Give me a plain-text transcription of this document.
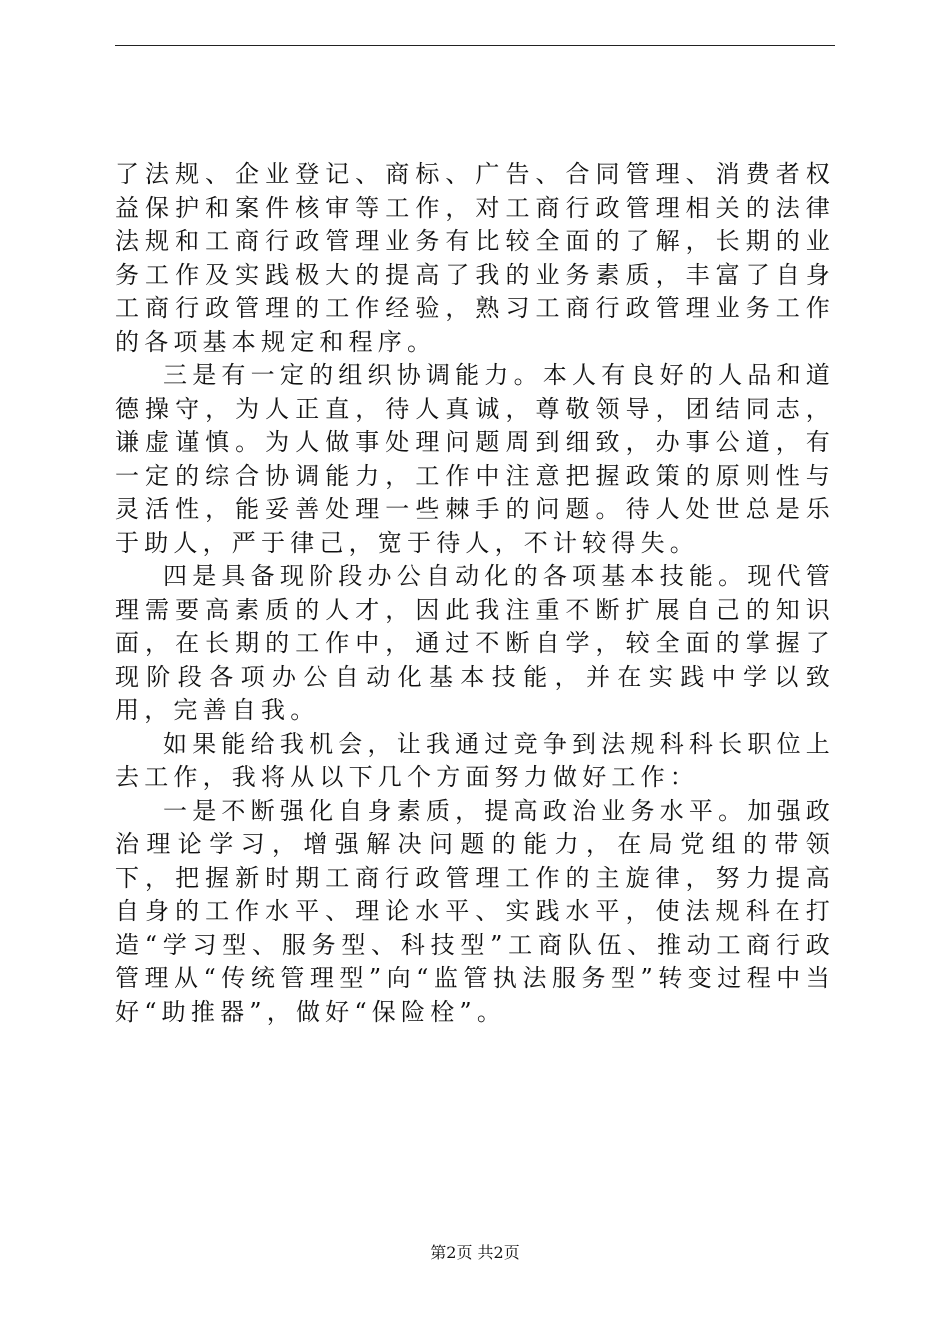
了法规、企业登记、商标、广告、合同管理、消费者权益保护和案件核审等工作，对工商行政管理相关的法律法规和工商行政管理业务有比较全面的了解，长期的业务工作及实践极大的提高了我的业务素质，丰富了自身工商行政管理的工作经验，熟习工商行政管理业务工作的各项基本规定和程序。

三是有一定的组织协调能力。本人有良好的人品和道德操守，为人正直，待人真诚，尊敬领导，团结同志，谦虚谨慎。为人做事处理问题周到细致，办事公道，有一定的综合协调能力，工作中注意把握政策的原则性与灵活性，能妥善处理一些棘手的问题。待人处世总是乐于助人，严于律己，宽于待人，不计较得失。

四是具备现阶段办公自动化的各项基本技能。现代管理需要高素质的人才，因此我注重不断扩展自己的知识面，在长期的工作中，通过不断自学，较全面的掌握了现阶段各项办公自动化基本技能，并在实践中学以致用，完善自我。

如果能给我机会，让我通过竞争到法规科科长职位上去工作，我将从以下几个方面努力做好工作：

一是不断强化自身素质，提高政治业务水平。加强政治理论学习，增强解决问题的能力，在局党组的带领下，把握新时期工商行政管理工作的主旋律，努力提高自身的工作水平、理论水平、实践水平，使法规科在打造“学习型、服务型、科技型”工商队伍、推动工商行政管理从“传统管理型”向“监管执法服务型”转变过程中当好“助推器”，做好“保险栓”。

第2页 共2页
